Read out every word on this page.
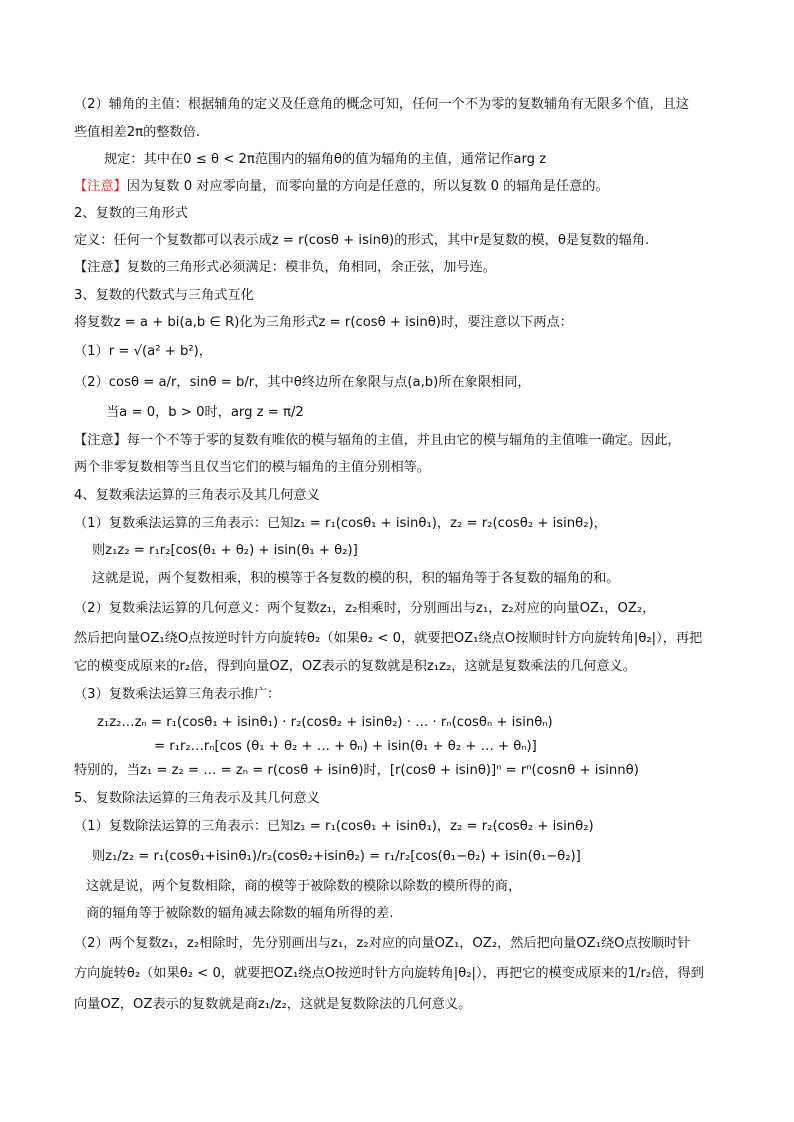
（2）辅角的主值：根据辅角的定义及任意角的概念可知，任何一个不为零的复数辅角有无限多个值，且这
些值相差2π的整数倍.
规定：其中在0 ≤ θ < 2π范围内的辐角θ的值为辐角的主值，通常记作arg z
【注意】因为复数 0 对应零向量，而零向量的方向是任意的，所以复数 0 的辐角是任意的。
2、复数的三角形式
定义：任何一个复数都可以表示成z = r(cosθ + isinθ)的形式，其中r是复数的模，θ是复数的辐角.
【注意】复数的三角形式必须满足：模非负，角相同，余正弦，加号连。
3、复数的代数式与三角式互化
将复数z = a + bi(a,b ∈ R)化为三角形式z = r(cosθ + isinθ)时，要注意以下两点：
（1）r = √(a² + b²)，
（2）cosθ = a/r，sinθ = b/r，其中θ终边所在象限与点(a,b)所在象限相同，
当a = 0，b > 0时，arg z = π/2
【注意】每一个不等于零的复数有唯依的模与辐角的主值，并且由它的模与辐角的主值唯一确定。因此，
两个非零复数相等当且仅当它们的模与辐角的主值分别相等。
4、复数乘法运算的三角表示及其几何意义
（1）复数乘法运算的三角表示：已知z₁ = r₁(cosθ₁ + isinθ₁)，z₂ = r₂(cosθ₂ + isinθ₂)，
则z₁z₂ = r₁r₂[cos(θ₁ + θ₂) + isin(θ₁ + θ₂)]
这就是说，两个复数相乘，积的模等于各复数的模的积，积的辐角等于各复数的辐角的和。
（2）复数乘法运算的几何意义：两个复数z₁，z₂相乘时，分别画出与z₁，z₂对应的向量OZ₁，OZ₂，
然后把向量OZ₁绕O点按逆时针方向旋转θ₂（如果θ₂ < 0，就要把OZ₁绕点O按顺时针方向旋转角|θ₂|），再把
它的模变成原来的r₂倍，得到向量OZ，OZ表示的复数就是积z₁z₂，这就是复数乘法的几何意义。
（3）复数乘法运算三角表示推广：
z₁z₂…zₙ = r₁(cosθ₁ + isinθ₁) · r₂(cosθ₂ + isinθ₂) · … · rₙ(cosθₙ + isinθₙ)
= r₁r₂…rₙ[cos (θ₁ + θ₂ + … + θₙ) + isin(θ₁ + θ₂ + … + θₙ)]
特别的，当z₁ = z₂ = … = zₙ = r(cosθ + isinθ)时，[r(cosθ + isinθ)]ⁿ = rⁿ(cosnθ + isinnθ)
5、复数除法运算的三角表示及其几何意义
（1）复数除法运算的三角表示：已知z₁ = r₁(cosθ₁ + isinθ₁)，z₂ = r₂(cosθ₂ + isinθ₂)
则z₁/z₂ = r₁(cosθ₁+isinθ₁)/r₂(cosθ₂+isinθ₂) = r₁/r₂[cos(θ₁−θ₂) + isin(θ₁−θ₂)]
这就是说，两个复数相除，商的模等于被除数的模除以除数的模所得的商，
商的辐角等于被除数的辐角减去除数的辐角所得的差.
（2）两个复数z₁，z₂相除时，先分别画出与z₁，z₂对应的向量OZ₁，OZ₂，然后把向量OZ₁绕O点按顺时针
方向旋转θ₂（如果θ₂ < 0，就要把OZ₁绕点O按逆时针方向旋转角|θ₂|），再把它的模变成原来的1/r₂倍，得到
向量OZ，OZ表示的复数就是商z₁/z₂，这就是复数除法的几何意义。
